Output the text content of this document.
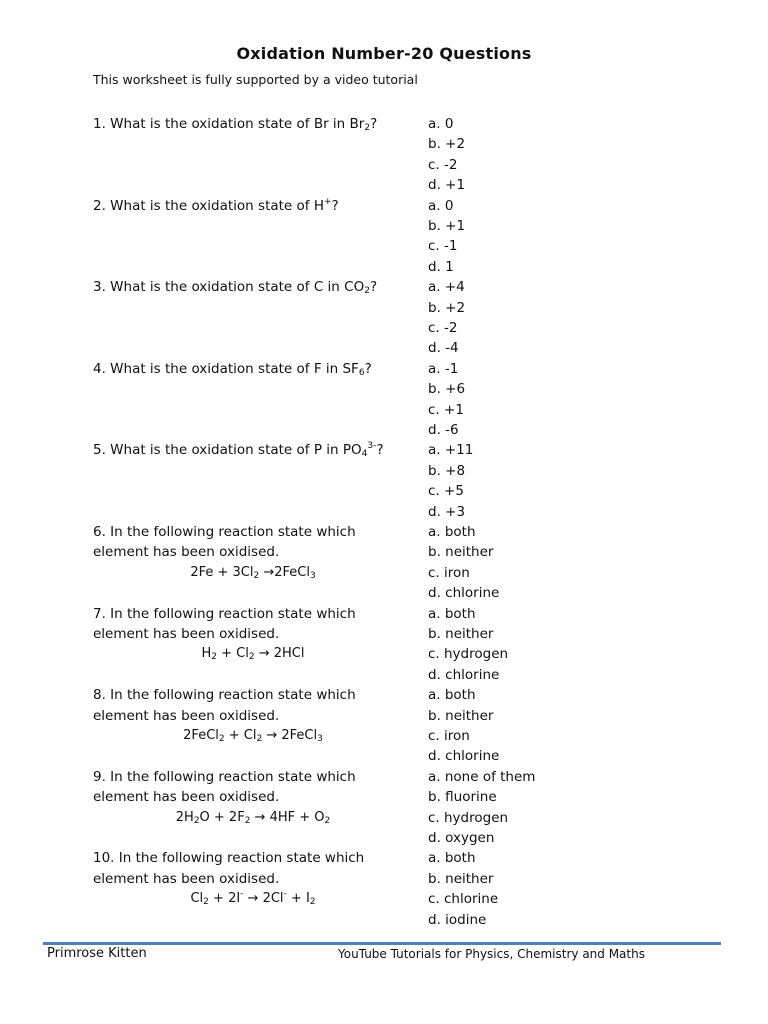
Oxidation Number-20 Questions
This worksheet is fully supported by a video tutorial
1. What is the oxidation state of Br in $Br_2$?	a. 0
b. +2
c. -2
d. +1
2. What is the oxidation state of H+?	a. 0
b. +1
c. -1
d. 1
3. What is the oxidation state of C in $CO_2$?	a. +4
b. +2
c. -2
d. -4
4. What is the oxidation state of F in $SF_6$?	a. -1
b. +6
c. +1
d. -6
5. What is the oxidation state of P in $PO_4^{3-}$?	a. +11
b. +8
c. +5
d. +3
6. In the following reaction state which
element has been oxidised.
$2Fe + 3Cl_2$ →2FeCl$_3$
a. both
b. neither
c. iron
d. chlorine
7. In the following reaction state which
element has been oxidised.
$H_2 + Cl_2 \to 2HCl$
a. both
b. neither
c. hydrogen
d. chlorine
8. In the following reaction state which
element has been oxidised.
2FeCl$_2$ + $Cl_2$ → 2FeCl$_3$
a. both
b. neither
c. iron
d. chlorine
9. In the following reaction state which
element has been oxidised.
$2H_2O + 2F_2 \to 4HF + O_2$
a. none of them
b. fluorine
c. hydrogen
d. oxygen
10. In the following reaction state which
element has been oxidised.
$Cl_2 + 2I^- \to 2Cl^- + I_2$
a. both
b. neither
c. chlorine
d. iodine
Primrose Kitten	YouTube Tutorials for Physics, Chemistry and Maths
